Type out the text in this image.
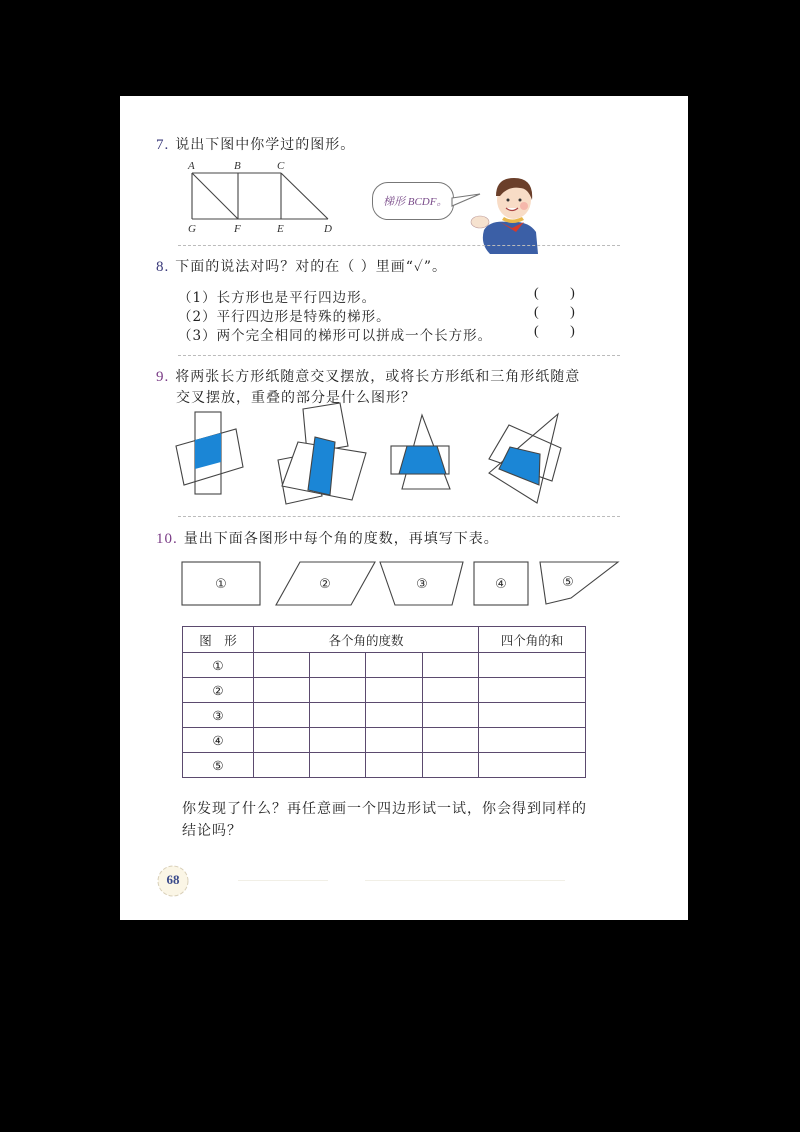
7. 说出下图中你学过的图形。
A	B	C
G	F	E	D
梯形 BCDF。
8. 下面的说法对吗？对的在（ ）里画“✓”。
（1）长方形也是平行四边形。	( )
（2）平行四边形是特殊的梯形。	( )
（3）两个完全相同的梯形可以拼成一个长方形。	( )
9. 将两张长方形纸随意交叉摆放，或将长方形纸和三角形纸随意
交叉摆放，重叠的部分是什么图形？
10. 量出下面各图形中每个角的度数，再填写下表。
①	②	③	④	⑤
图　形	各个角的度数				四个角的和
①					
②					
③					
④					
⑤					
你发现了什么？再任意画一个四边形试一试，你会得到同样的
结论吗？
68
